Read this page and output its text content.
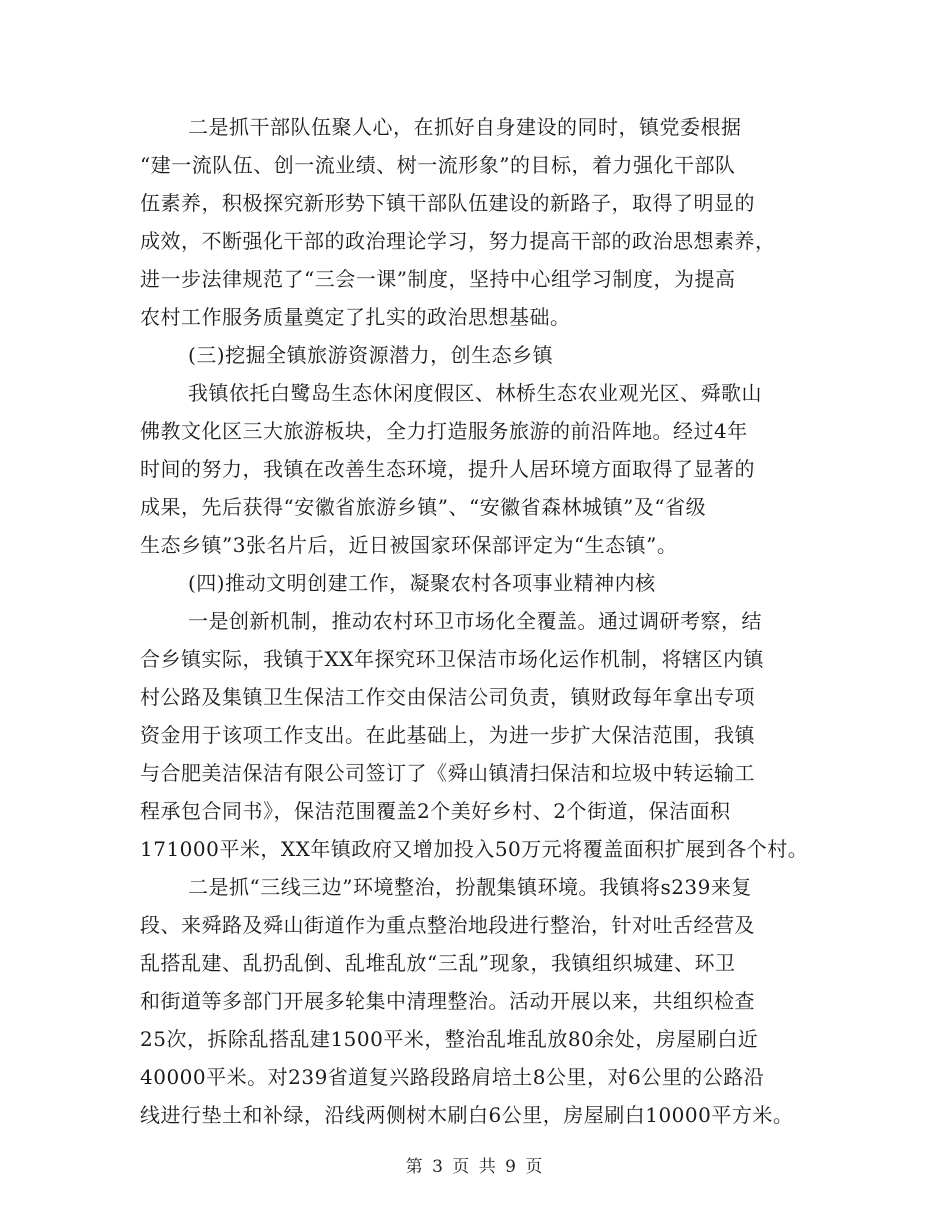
二是抓干部队伍聚人心，在抓好自身建设的同时，镇党委根据
“建一流队伍、创一流业绩、树一流形象”的目标，着力强化干部队
伍素养，积极探究新形势下镇干部队伍建设的新路子，取得了明显的
成效，不断强化干部的政治理论学习，努力提高干部的政治思想素养，
进一步法律规范了“三会一课”制度，坚持中心组学习制度，为提高
农村工作服务质量奠定了扎实的政治思想基础。
(三)挖掘全镇旅游资源潜力，创生态乡镇
我镇依托白鹭岛生态休闲度假区、林桥生态农业观光区、舜歌山
佛教文化区三大旅游板块，全力打造服务旅游的前沿阵地。经过4年
时间的努力，我镇在改善生态环境，提升人居环境方面取得了显著的
成果，先后获得“安徽省旅游乡镇”、“安徽省森林城镇”及“省级
生态乡镇”3张名片后，近日被国家环保部评定为“生态镇”。
(四)推动文明创建工作，凝聚农村各项事业精神内核
一是创新机制，推动农村环卫市场化全覆盖。通过调研考察，结
合乡镇实际，我镇于XX年探究环卫保洁市场化运作机制，将辖区内镇
村公路及集镇卫生保洁工作交由保洁公司负责，镇财政每年拿出专项
资金用于该项工作支出。在此基础上，为进一步扩大保洁范围，我镇
与合肥美洁保洁有限公司签订了《舜山镇清扫保洁和垃圾中转运输工
程承包合同书》，保洁范围覆盖2个美好乡村、2个街道，保洁面积
171000平米，XX年镇政府又增加投入50万元将覆盖面积扩展到各个村。
二是抓“三线三边”环境整治，扮靓集镇环境。我镇将s239来复
段、来舜路及舜山街道作为重点整治地段进行整治，针对吐舌经营及
乱搭乱建、乱扔乱倒、乱堆乱放“三乱”现象，我镇组织城建、环卫
和街道等多部门开展多轮集中清理整治。活动开展以来，共组织检查
25次，拆除乱搭乱建1500平米，整治乱堆乱放80余处，房屋刷白近
40000平米。对239省道复兴路段路肩培土8公里，对6公里的公路沿
线进行垫土和补绿，沿线两侧树木刷白6公里，房屋刷白10000平方米。
第 3 页 共 9 页
